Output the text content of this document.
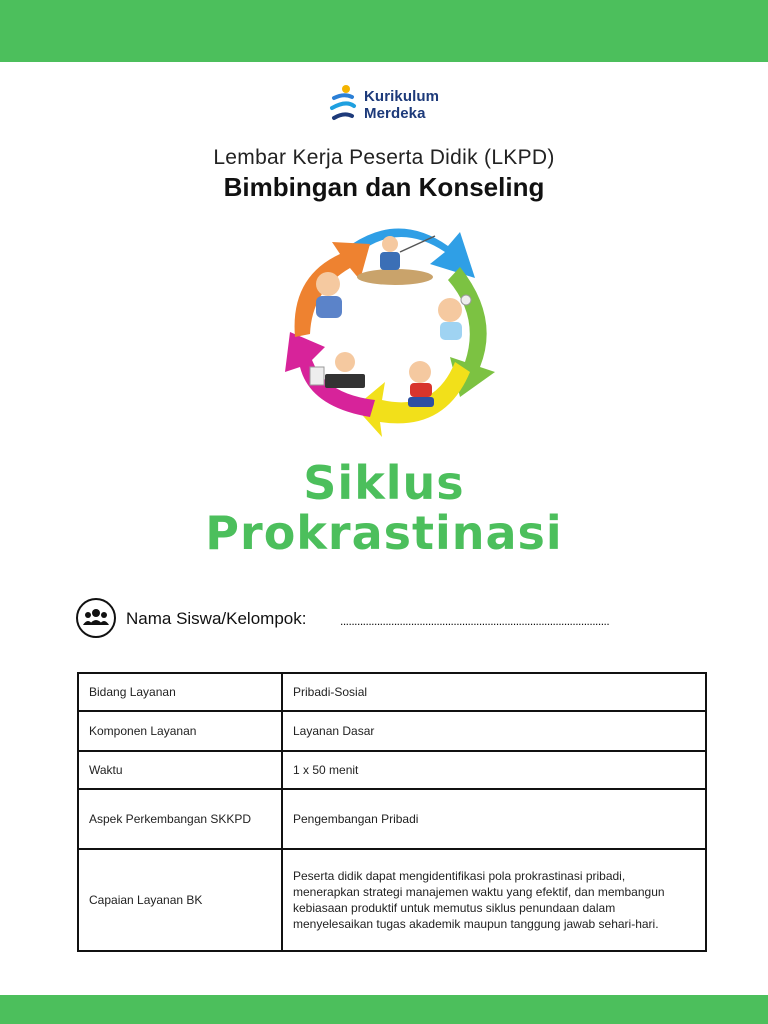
Kurikulum
Merdeka
Lembar Kerja Peserta Didik (LKPD)
Bimbingan dan Konseling
Siklus
Prokrastinasi
Nama Siswa/Kelompok:	...............................................................................................
Bidang Layanan	Pribadi-Sosial
Komponen Layanan	Layanan Dasar
Waktu	1 x 50 menit
Aspek Perkembangan SKKPD	Pengembangan Pribadi
Capaian Layanan BK	Peserta didik dapat mengidentifikasi pola prokrastinasi pribadi, menerapkan strategi manajemen waktu yang efektif, dan membangun kebiasaan produktif untuk memutus siklus penundaan dalam menyelesaikan tugas akademik maupun tanggung jawab sehari-hari.
